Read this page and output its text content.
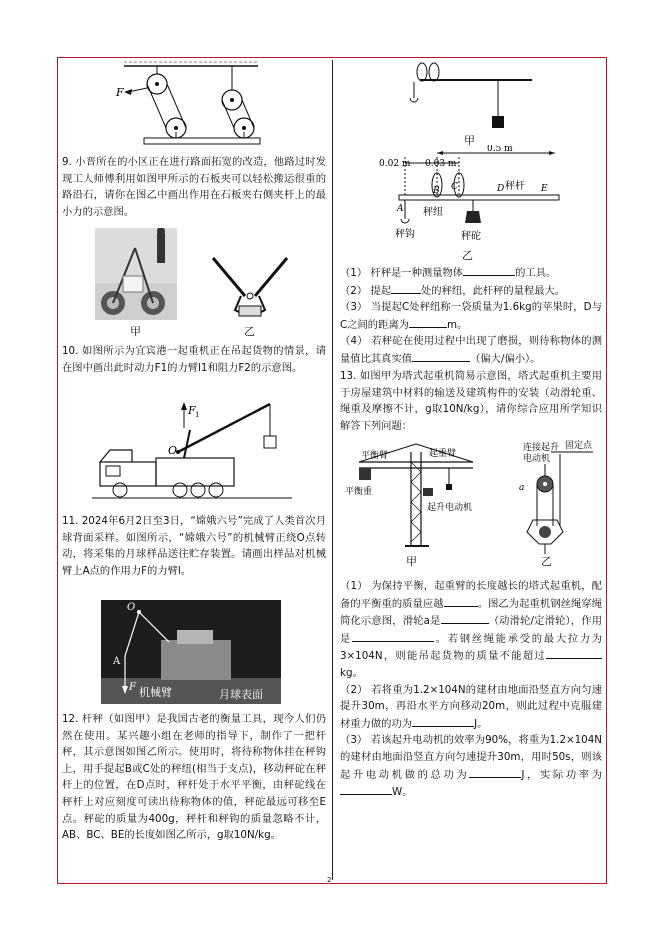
F

9. 小晋所在的小区正在进行路面拓宽的改造，他路过时发现工人师傅利用如图甲所示的石板夹可以轻松搬运很重的路沿石，请你在图乙中画出作用在石板夹右侧夹杆上的最小力的示意图。

甲	乙

10. 如图所示为宜宾港一起重机正在吊起货物的情景，请在图中画出此时动力F1的力臂l1和阻力F2的示意图。

F 1
O

11. 2024年6月2日至3日，“嫦娥六号”完成了人类首次月球背面采样。如图所示，“嫦娥六号”的机械臂正绕O点转动，将采集的月球样品送往贮存装置。请画出样品对机械臂上A点的作用力F的力臂l。

O
A
F 机械臂	月球表面

12. 杆秤（如图甲）是我国古老的衡量工具，现今人们仍然在使用。某兴趣小组在老师的指导下，制作了一把杆秤，其示意图如图乙所示。使用时，将待称物体挂在秤钩上，用手提起B或C处的秤纽(相当于支点)，移动秤砣在秤杆上的位置，在D点时，秤杆处于水平平衡，由秤砣线在秤杆上对应刻度可读出待称物体的值，秤砣最远可移至E点。秤砣的质量为400g，秤杆和秤钩的质量忽略不计，AB、BC、BE的长度如图乙所示，g取10N/kg。

甲
0.5 m
0.02 m 0.03 m
B C	D	E
秤杆
A
秤钩
秤纽
秤砣
乙

（1） 杆秤是一种测量物体	的工具。

（2） 提起	处的秤纽，此杆秤的量程最大。

（3） 当提起C处秤纽称一袋质量为1.6kg的苹果时，D与C之间的距离为	m。

（4） 若秤砣在使用过程中出现了磨损，则待称物体的测量值比其真实值	（偏大/偏小）。

13. 如图甲为塔式起重机简易示意图，塔式起重机主要用于房屋建筑中材料的输送及建筑构件的安装（动滑轮重、绳重及摩擦不计，g取10N/kg），请你综合应用所学知识解答下列问题：

平衡臂	起重臂
平衡重
起升电动机
连接起升
电动机
固定点
a
甲	乙

（1） 为保持平衡，起重臂的长度越长的塔式起重机，配备的平衡重的质量应越	。图乙为起重机钢丝绳穿绳简化示意图，滑轮a是	（动滑轮/定滑轮），作用是	。若钢丝绳能承受的最大拉力为3×104N，则能吊起货物的质量不能超过kg。

（2） 若将重为1.2×104N的建材由地面沿竖直方向匀速提升30m，再沿水平方向移动20m，则此过程中克服建材重力做的功为	J。

（3） 若该起升电动机的效率为90%，将重为1.2×104N的建材由地面沿竖直方向匀速提升30m，用时50s，则该起升电动机做的总功为	J，实际功率为W。

2
